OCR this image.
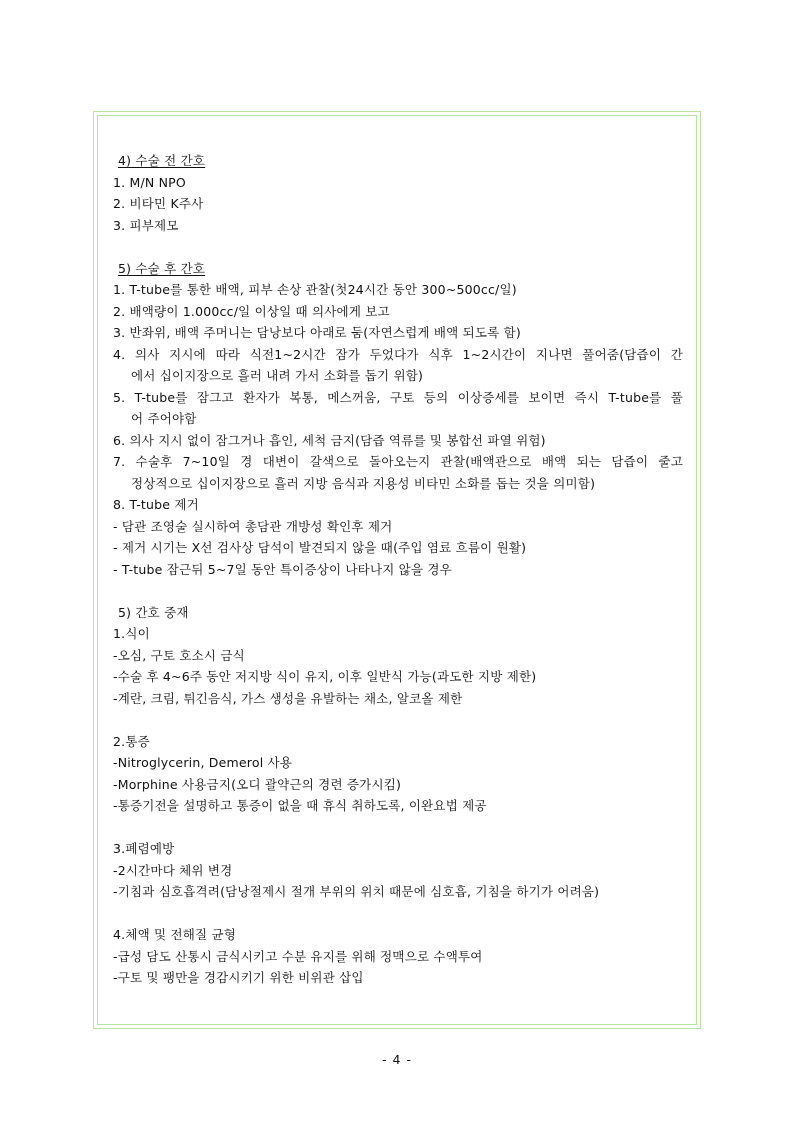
4) 수술 전 간호
1. M/N NPO
2. 비타민 K주사
3. 피부제모
5) 수술 후 간호
1. T-tube를 통한 배액, 피부 손상 관찰(첫24시간 동안 300~500cc/일)
2. 배액량이 1.000cc/일 이상일 때 의사에게 보고
3. 반좌위, 배액 주머니는 담낭보다 아래로 둠(자연스럽게 배액 되도록 함)
4. 의사 지시에 따라 식전1~2시간 잠가 두었다가 식후 1~2시간이 지나면 풀어줌(담즙이 간
에서 십이지장으로 흘러 내려 가서 소화를 돕기 위함)
5. T-tube를 잠그고 환자가 복통, 메스꺼움, 구토 등의 이상증세를 보이면 즉시 T-tube를 풀
어 주어야함
6. 의사 지시 없이 잠그거나 흡인, 세척 금지(담즙 역류를 및 봉합선 파열 위험)
7. 수술후 7~10일 경 대변이 갈색으로 돌아오는지 관찰(배액관으로 배액 되는 담즙이 줄고
정상적으로 십이지장으로 흘러 지방 음식과 지용성 비타민 소화를 돕는 것을 의미함)
8. T-tube 제거
- 담관 조영술 실시하여 총담관 개방성 확인후 제거
- 제거 시기는 X선 검사상 담석이 발견되지 않을 때(주입 염료 흐름이 원활)
- T-tube 잠근뒤 5~7일 동안 특이증상이 나타나지 않을 경우
5) 간호 중재
1.식이
-오심, 구토 호소시 금식
-수술 후 4~6주 동안 저지방 식이 유지, 이후 일반식 가능(과도한 지방 제한)
-계란, 크림, 튀긴음식, 가스 생성을 유발하는 채소, 알코올 제한
2.통증
-Nitroglycerin, Demerol 사용
-Morphine 사용금지(오디 괄약근의 경련 증가시킴)
-통증기전을 설명하고 통증이 없을 때 휴식 취하도록, 이완요법 제공
3.폐렴예방
-2시간마다 체위 변경
-기침과 심호흡격려(담낭절제시 절개 부위의 위치 때문에 심호흡, 기침을 하기가 어려움)
4.체액 및 전해질 균형
-급성 담도 산통시 금식시키고 수분 유지를 위해 정맥으로 수액투여
-구토 및 팽만을 경감시키기 위한 비위관 삽입
- 4 -
